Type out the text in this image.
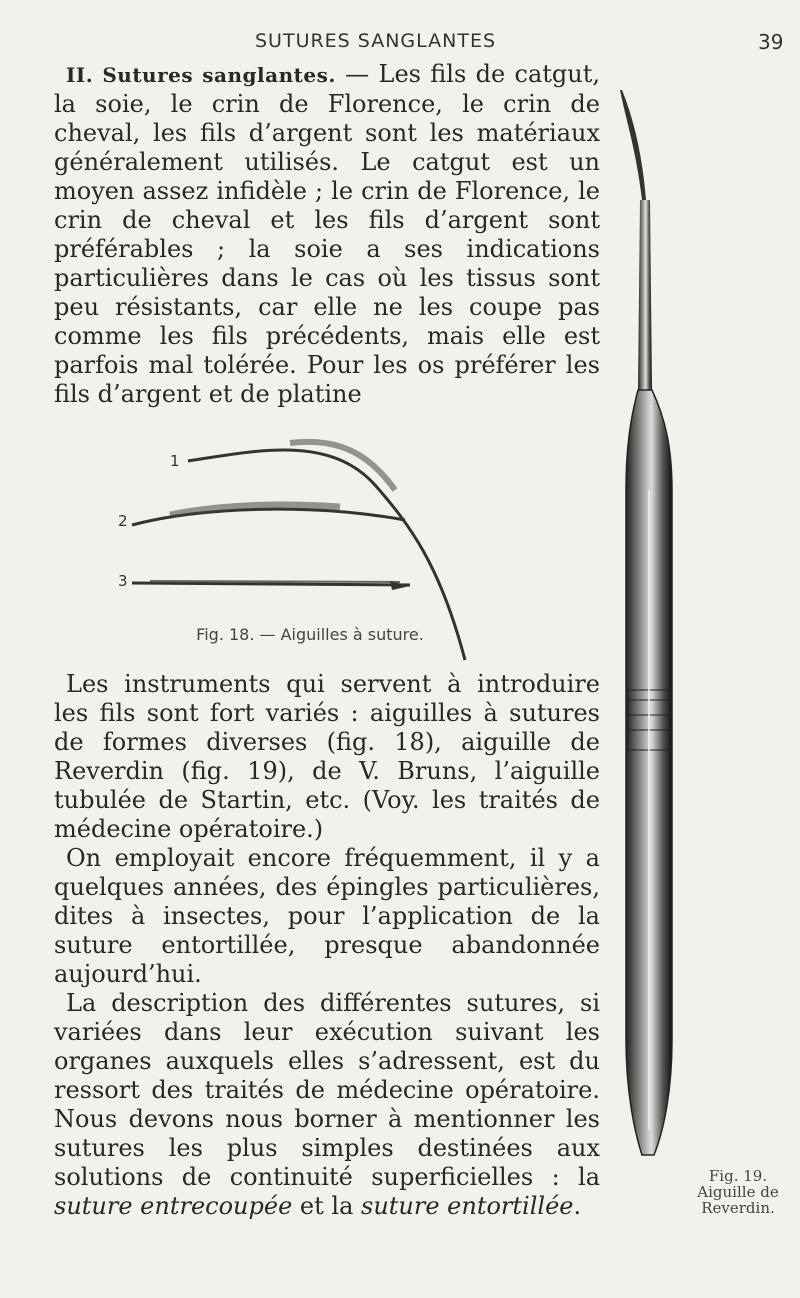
SUTURES SANGLANTES	39
II. Sutures sanglantes. — Les fils de catgut, la soie, le crin de Florence, le crin de cheval, les fils d’argent sont les matériaux généralement utilisés. Le catgut est un moyen assez infidèle ; le crin de Florence, le crin de cheval et les fils d’argent sont préférables ; la soie a ses indications particulières dans le cas où les tissus sont peu résistants, car elle ne les coupe pas comme les fils précédents, mais elle est parfois mal tolérée. Pour les os préférer les fils d’argent et de platine
1
2
3
Fig. 18. — Aiguilles à suture.

Les instruments qui servent à introduire les fils sont fort variés : aiguilles à sutures de formes diverses (fig. 18), aiguille de Reverdin (fig. 19), de V. Bruns, l’aiguille tubulée de Startin, etc. (Voy. les traités de médecine opératoire.)

On employait encore fréquemment, il y a quelques années, des épingles particulières, dites à insectes, pour l’application de la suture entortillée, presque abandonnée aujourd’hui.

La description des différentes sutures, si variées dans leur exécution suivant les organes auxquels elles s’adressent, est du ressort des traités de médecine opératoire. Nous devons nous borner à mentionner les sutures les plus simples destinées aux solutions de continuité superficielles : la suture entrecoupée et la suture entortillée.

Fig. 19.
Aiguille de
Reverdin.
